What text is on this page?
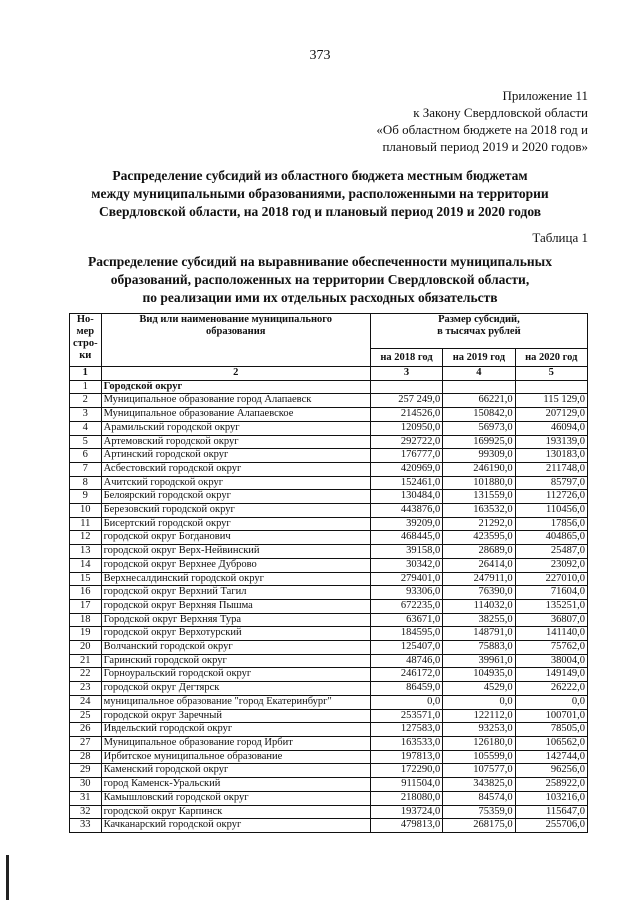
373
Приложение 11
к Закону Свердловской области
«Об областном бюджете на 2018 год и
плановый период 2019 и 2020 годов»
Распределение субсидий из областного бюджета местным бюджетам
между муниципальными образованиями, расположенными на территории
Свердловской области, на 2018 год и плановый период 2019 и 2020 годов
Таблица 1
Распределение субсидий на выравнивание обеспеченности муниципальных
образований, расположенных на территории Свердловской области,
по реализации ими их отдельных расходных обязательств
Но-
мер
стро-
ки	Вид или наименование муниципального
образования	Размер субсидий,
в тысячах рублей		

		на 2018 год	на 2019 год	на 2020 год
1	2	3	4	5
1	Городской округ			
2	Муниципальное образование город Алапаевск	257 249,0	66221,0	115 129,0
3	Муниципальное образование Алапаевское	214526,0	150842,0	207129,0
4	Арамильский городской округ	120950,0	56973,0	46094,0
5	Артемовский городской округ	292722,0	169925,0	193139,0
6	Артинский городской округ	176777,0	99309,0	130183,0
7	Асбестовский городской округ	420969,0	246190,0	211748,0
8	Ачитский городской округ	152461,0	101880,0	85797,0
9	Белоярский городской округ	130484,0	131559,0	112726,0
10	Березовский городской округ	443876,0	163532,0	110456,0
11	Бисертский городской округ	39209,0	21292,0	17856,0
12	городской округ Богданович	468445,0	423595,0	404865,0
13	городской округ Верх-Нейвинский	39158,0	28689,0	25487,0
14	городской округ Верхнее Дуброво	30342,0	26414,0	23092,0
15	Верхнесалдинский городской округ	279401,0	247911,0	227010,0
16	городской округ Верхний Тагил	93306,0	76390,0	71604,0
17	городской округ Верхняя Пышма	672235,0	114032,0	135251,0
18	Городской округ Верхняя Тура	63671,0	38255,0	36807,0
19	городской округ Верхотурский	184595,0	148791,0	141140,0
20	Волчанский городской округ	125407,0	75883,0	75762,0
21	Гаринский городской округ	48746,0	39961,0	38004,0
22	Горноуральский городской округ	246172,0	104935,0	149149,0
23	городской округ Дегтярск	86459,0	4529,0	26222,0
24	муниципальное образование "город Екатеринбург"	0,0	0,0	0,0
25	городской округ Заречный	253571,0	122112,0	100701,0
26	Ивдельский городской округ	127583,0	93253,0	78505,0
27	Муниципальное образование город Ирбит	163533,0	126180,0	106562,0
28	Ирбитское муниципальное образование	197813,0	105599,0	142744,0
29	Каменский городской округ	172290,0	107577,0	96256,0
30	город Каменск-Уральский	911504,0	343825,0	258922,0
31	Камышловский городской округ	218080,0	84574,0	103216,0
32	городской округ Карпинск	193724,0	75359,0	115647,0
33	Качканарский городской округ	479813,0	268175,0	255706,0
